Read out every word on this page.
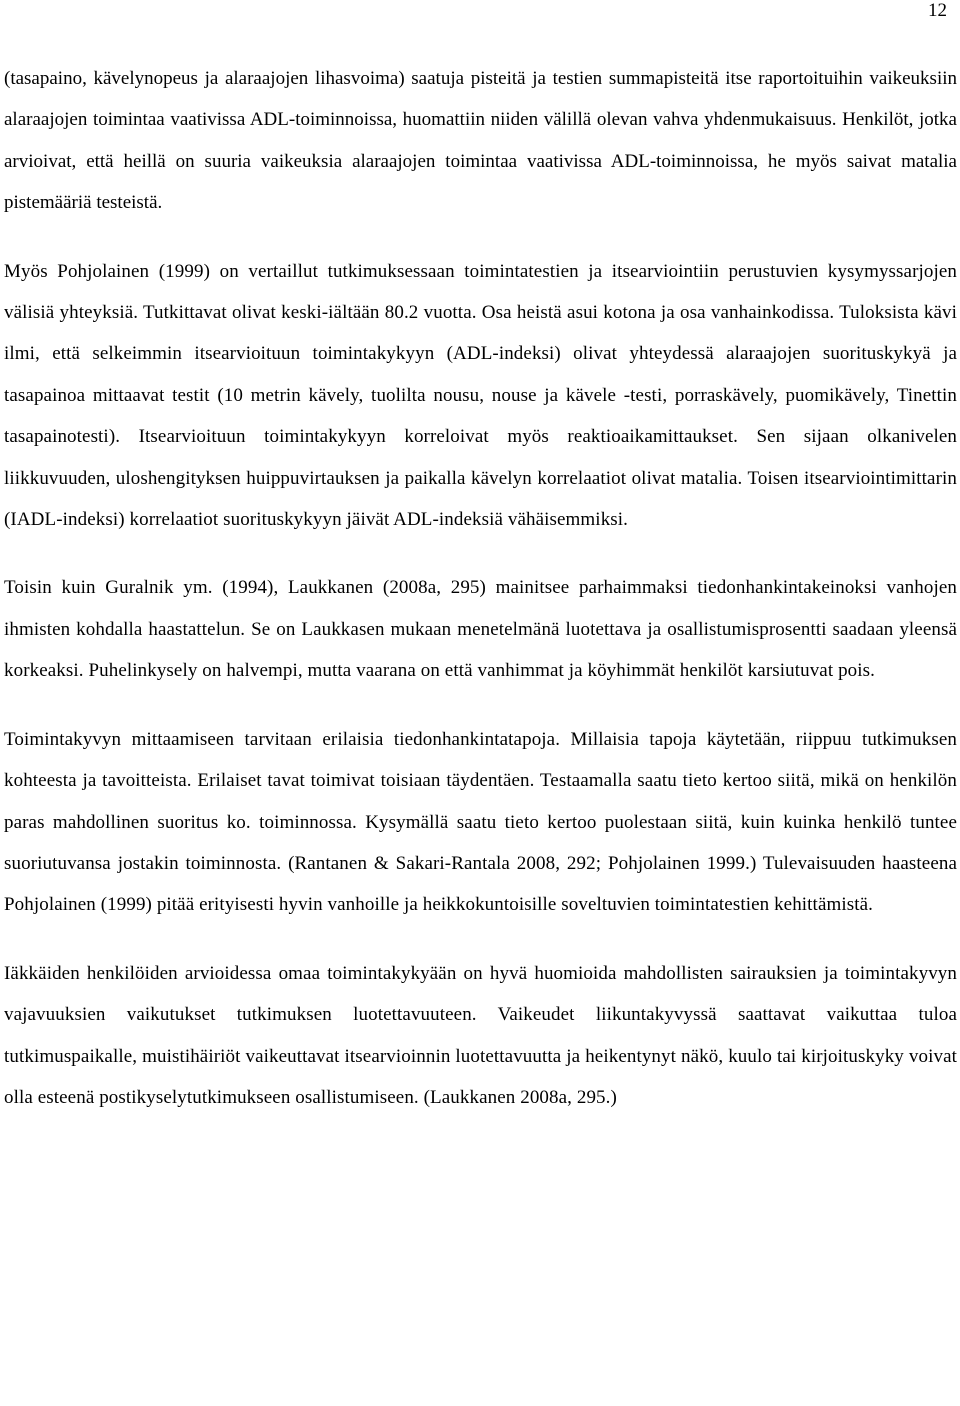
12

(tasapaino, kävelynopeus ja alaraajojen lihasvoima) saatuja pisteitä ja testien summapisteitä itse raportoituihin vaikeuksiin alaraajojen toimintaa vaativissa ADL-toiminnoissa, huomattiin niiden välillä olevan vahva yhdenmukaisuus. Henkilöt, jotka arvioivat, että heillä on suuria vaikeuksia alaraajojen toimintaa vaativissa ADL-toiminnoissa, he myös saivat matalia pistemääriä testeistä.

Myös Pohjolainen (1999) on vertaillut tutkimuksessaan toimintatestien ja itsearviointiin perustuvien kysymyssarjojen välisiä yhteyksiä. Tutkittavat olivat keski-iältään 80.2 vuotta. Osa heistä asui kotona ja osa vanhainkodissa. Tuloksista kävi ilmi, että selkeimmin itsearvioituun toimintakykyyn (ADL-indeksi) olivat yhteydessä alaraajojen suorituskykyä ja tasapainoa mittaavat testit (10 metrin kävely, tuolilta nousu, nouse ja kävele -testi, porraskävely, puomikävely, Tinettin tasapainotesti). Itsearvioituun toimintakykyyn korreloivat myös reaktioaikamittaukset. Sen sijaan olkanivelen liikkuvuuden, uloshengityksen huippuvirtauksen ja paikalla kävelyn korrelaatiot olivat matalia. Toisen itsearviointimittarin (IADL-indeksi) korrelaatiot suorituskykyyn jäivät ADL-indeksiä vähäisemmiksi.

Toisin kuin Guralnik ym. (1994), Laukkanen (2008a, 295) mainitsee parhaimmaksi tiedonhankintakeinoksi vanhojen ihmisten kohdalla haastattelun. Se on Laukkasen mukaan menetelmänä luotettava ja osallistumisprosentti saadaan yleensä korkeaksi. Puhelinkysely on halvempi, mutta vaarana on että vanhimmat ja köyhimmät henkilöt karsiutuvat pois.

Toimintakyvyn mittaamiseen tarvitaan erilaisia tiedonhankintatapoja. Millaisia tapoja käytetään, riippuu tutkimuksen kohteesta ja tavoitteista. Erilaiset tavat toimivat toisiaan täydentäen. Testaamalla saatu tieto kertoo siitä, mikä on henkilön paras mahdollinen suoritus ko. toiminnossa. Kysymällä saatu tieto kertoo puolestaan siitä, kuin kuinka henkilö tuntee suoriutuvansa jostakin toiminnosta. (Rantanen & Sakari-Rantala 2008, 292; Pohjolainen 1999.) Tulevaisuuden haasteena Pohjolainen (1999) pitää erityisesti hyvin vanhoille ja heikkokuntoisille soveltuvien toimintatestien kehittämistä.

Iäkkäiden henkilöiden arvioidessa omaa toimintakykyään on hyvä huomioida mahdollisten sairauksien ja toimintakyvyn vajavuuksien vaikutukset tutkimuksen luotettavuuteen. Vaikeudet liikuntakyvyssä saattavat vaikuttaa tuloa tutkimuspaikalle, muistihäiriöt vaikeuttavat itsearvioinnin luotettavuutta ja heikentynyt näkö, kuulo tai kirjoituskyky voivat olla esteenä postikyselytutkimukseen osallistumiseen. (Laukkanen 2008a, 295.)
